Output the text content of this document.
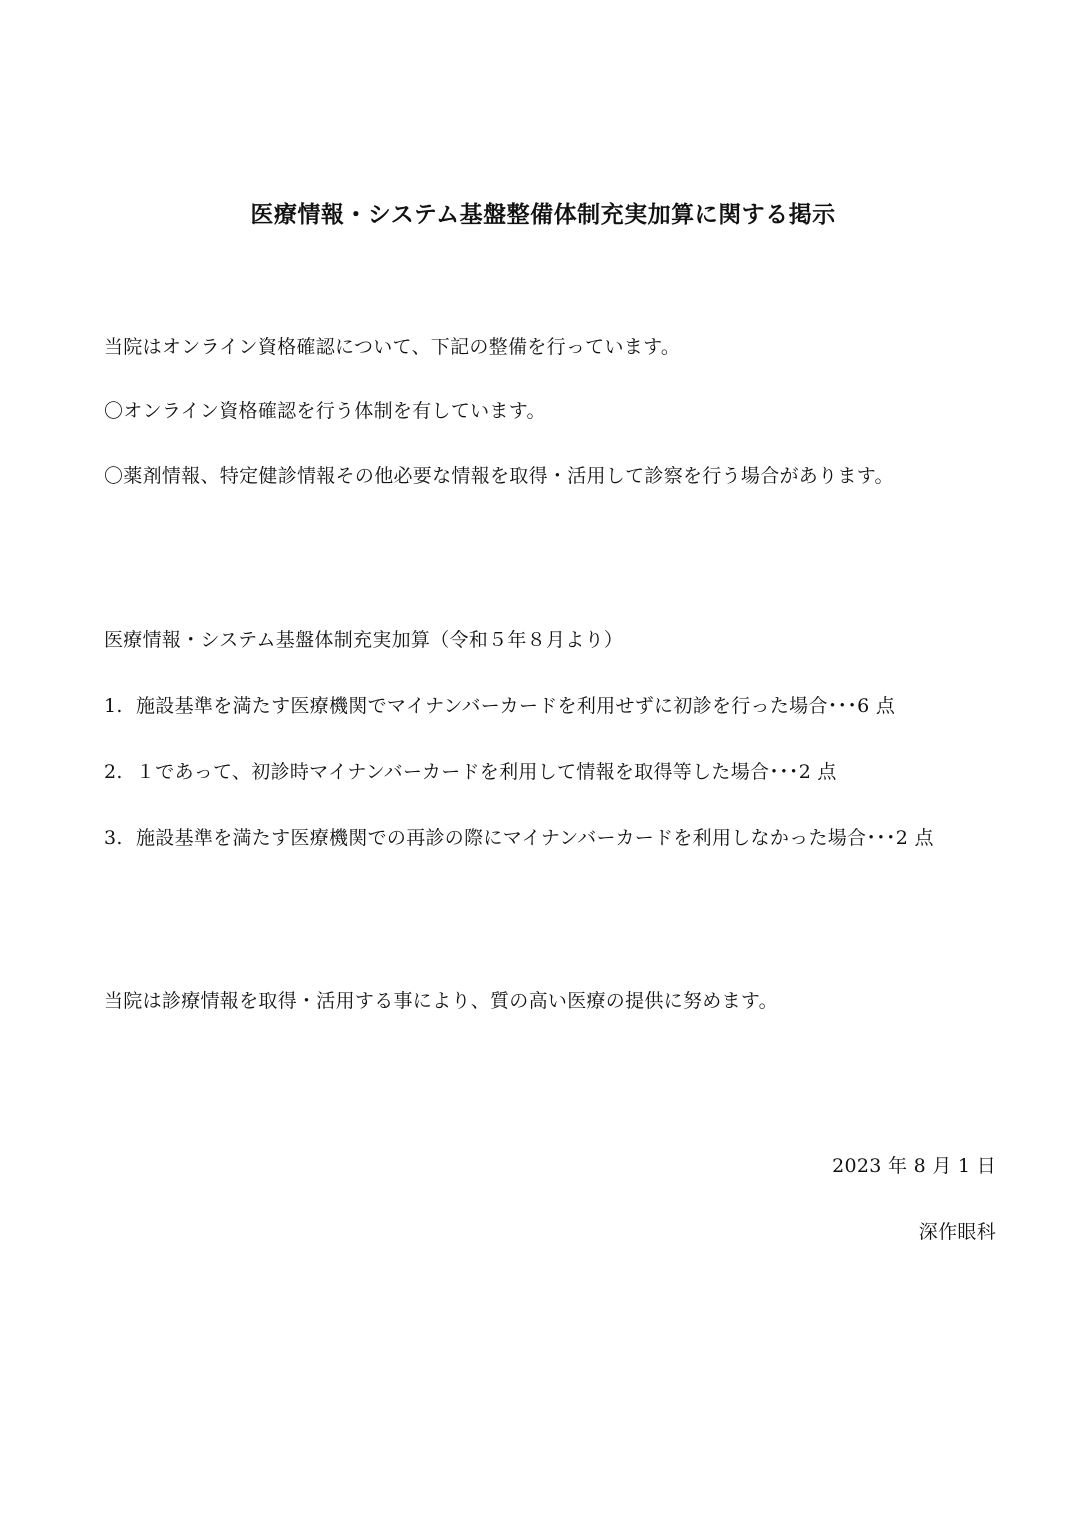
医療情報・システム基盤整備体制充実加算に関する掲示
当院はオンライン資格確認について、下記の整備を行っています。
〇オンライン資格確認を行う体制を有しています。
〇薬剤情報、特定健診情報その他必要な情報を取得・活用して診察を行う場合があります。
医療情報・システム基盤体制充実加算（令和５年８月より）
1. 施設基準を満たす医療機関でマイナンバーカードを利用せずに初診を行った場合･･･6 点
2. １であって、初診時マイナンバーカードを利用して情報を取得等した場合･･･2 点
3. 施設基準を満たす医療機関での再診の際にマイナンバーカードを利用しなかった場合･･･2 点
当院は診療情報を取得・活用する事により、質の高い医療の提供に努めます。
2023 年 8 月 1 日
深作眼科
